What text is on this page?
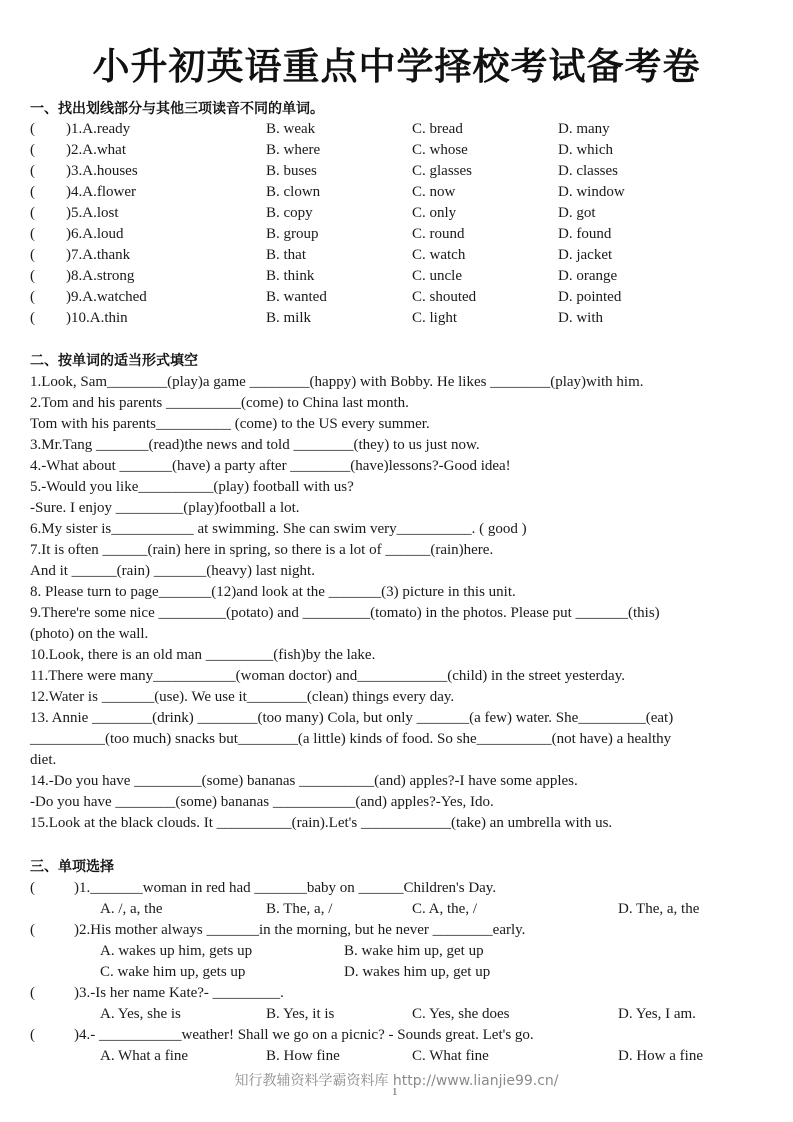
小升初英语重点中学择校考试备考卷
一、找出划线部分与其他三项读音不同的单词。
( )1.A.ready	B. weak	C. bread	D. many
( )2.A.what	B. where	C. whose	D. which
( )3.A.houses	B. buses	C. glasses	D. classes
( )4.A.flower	B. clown	C. now	D. window
( )5.A.lost	B. copy	C. only	D. got
( )6.A.loud	B. group	C. round	D. found
( )7.A.thank	B. that	C. watch	D. jacket
( )8.A.strong	B. think	C. uncle	D. orange
( )9.A.watched	B. wanted	C. shouted	D. pointed
( )10.A.thin	B. milk	C. light	D. with
二、按单词的适当形式填空
1.Look, Sam________(play)a game ________(happy) with Bobby. He likes ________(play)with him.
2.Tom and his parents __________(come) to China last month.
Tom with his parents__________ (come) to the US every summer.
3.Mr.Tang _______(read)the news and told ________(they) to us just now.
4.-What about _______(have) a party after ________(have)lessons?-Good idea!
5.-Would you like__________(play) football with us?
-Sure. I enjoy _________(play)football a lot.
6.My sister is___________ at swimming. She can swim very__________. ( good )
7.It is often ______(rain) here in spring, so there is a lot of ______(rain)here.
And it ______(rain) _______(heavy) last night.
8. Please turn to page_______(12)and look at the _______(3) picture in this unit.
9.There're some nice _________(potato) and _________(tomato) in the photos. Please put _______(this)
(photo) on the wall.
10.Look, there is an old man _________(fish)by the lake.
11.There were many___________(woman doctor) and____________(child) in the street yesterday.
12.Water is _______(use). We use it________(clean) things every day.
13. Annie ________(drink) ________(too many) Cola, but only _______(a few) water. She_________(eat)
__________(too much) snacks but________(a little) kinds of food. So she__________(not have) a healthy
diet.
14.-Do you have _________(some) bananas __________(and) apples?-I have some apples.
-Do you have ________(some) bananas ___________(and) apples?-Yes, Ido.
15.Look at the black clouds. It __________(rain).Let's ____________(take) an umbrella with us.
三、单项选择
(	)1._______woman in red had _______baby on ______Children's Day.
A. /, a, the	B. The, a, /	C. A, the, /	D. The, a, the
(	)2.His mother always _______in the morning, but he never ________early.
A. wakes up him, gets up	B. wake him up, get up
C. wake him up, gets up	D. wakes him up, get up
(	)3.-Is her name Kate?- _________.
A. Yes, she is	B. Yes, it is	C. Yes, she does	D. Yes, I am.
(	)4.- ___________weather! Shall we go on a picnic? - Sounds great. Let's go.
A. What a fine	B. How fine	C. What fine	D. How a fine
知行教辅资料学霸资料库 http://www.lianjie99.cn/
1
